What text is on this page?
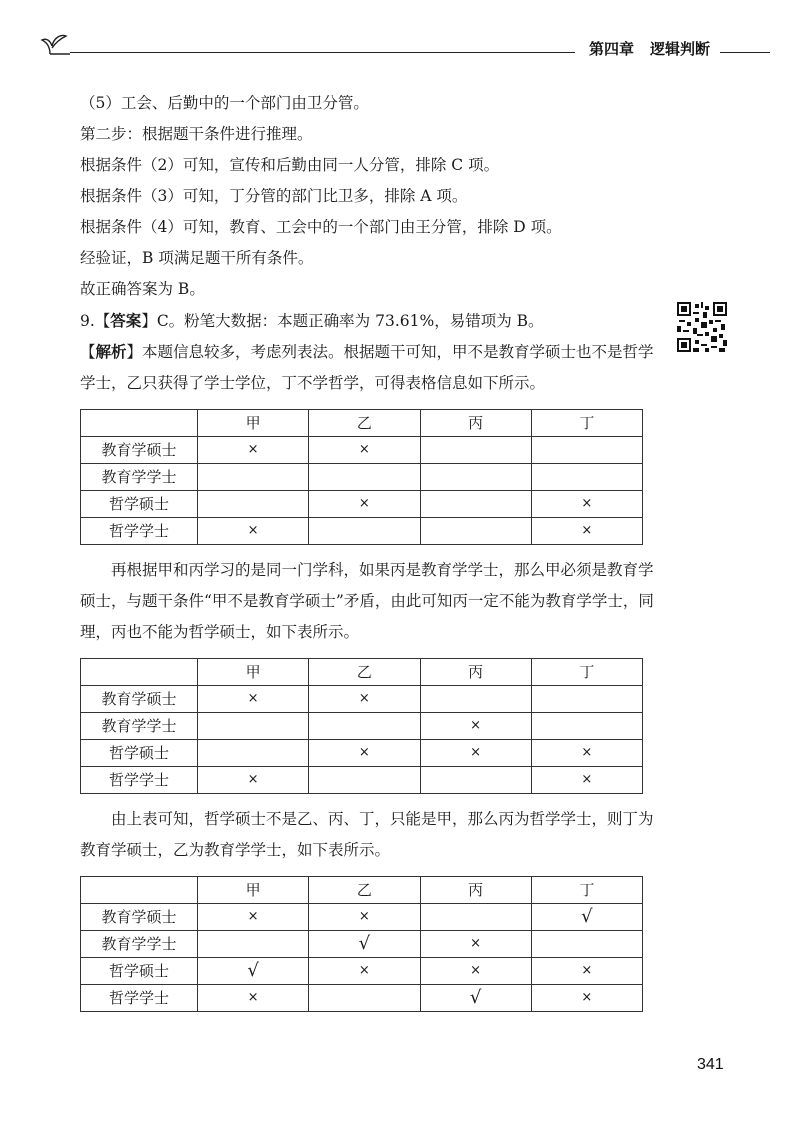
第四章 逻辑判断
（5）工会、后勤中的一个部门由卫分管。
第二步：根据题干条件进行推理。
根据条件（2）可知，宣传和后勤由同一人分管，排除 C 项。
根据条件（3）可知，丁分管的部门比卫多，排除 A 项。
根据条件（4）可知，教育、工会中的一个部门由王分管，排除 D 项。
经验证，B 项满足题干所有条件。
故正确答案为 B。
9.【答案】C。粉笔大数据：本题正确率为 73.61%，易错项为 B。

【解析】本题信息较多，考虑列表法。根据题干可知，甲不是教育学硕士也不是哲学学士，乙只获得了学士学位，丁不学哲学，可得表格信息如下所示。

	甲	乙	丙	丁
教育学硕士	×	×		
教育学学士				
哲学硕士		×		×
哲学学士	×			×

再根据甲和丙学习的是同一门学科，如果丙是教育学学士，那么甲必须是教育学硕士，与题干条件“甲不是教育学硕士”矛盾，由此可知丙一定不能为教育学学士，同理，丙也不能为哲学硕士，如下表所示。

	甲	乙	丙	丁
教育学硕士	×	×		
教育学学士			×	
哲学硕士		×	×	×
哲学学士	×			×

由上表可知，哲学硕士不是乙、丙、丁，只能是甲，那么丙为哲学学士，则丁为教育学硕士，乙为教育学学士，如下表所示。

	甲	乙	丙	丁
教育学硕士	×	×		√
教育学学士		√	×	
哲学硕士	√	×	×	×
哲学学士	×		√	×
341
